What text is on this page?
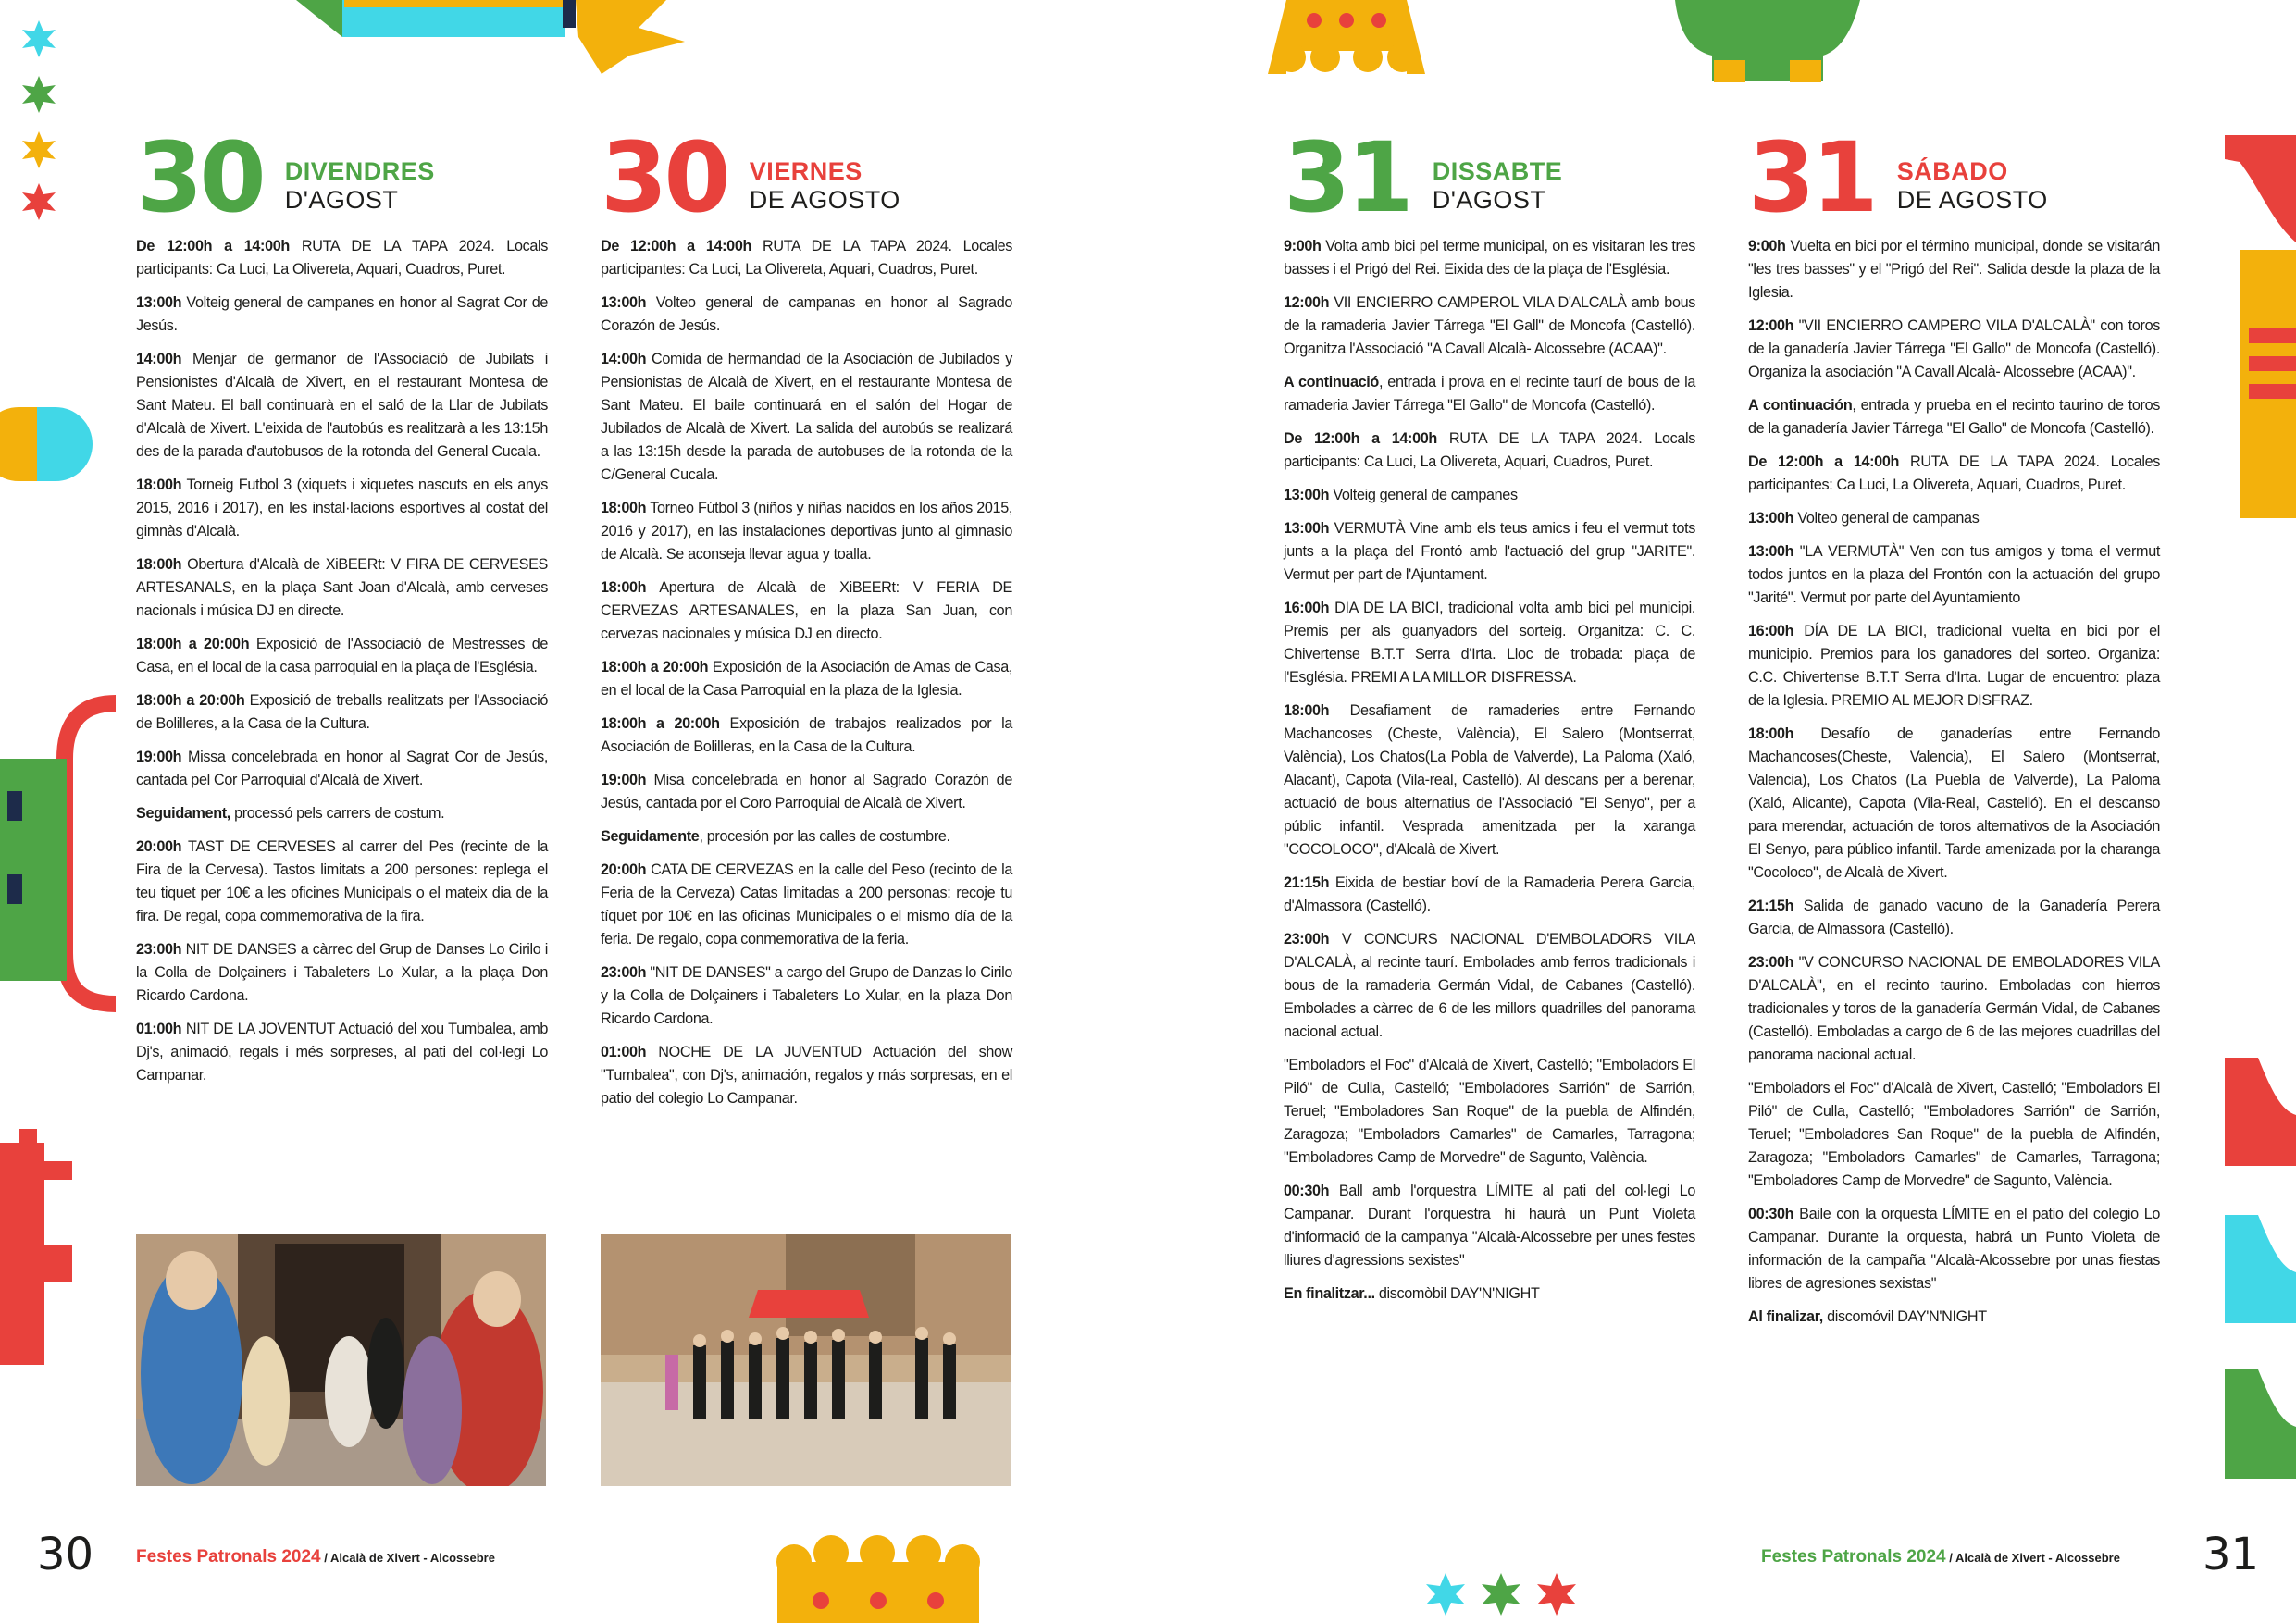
30 DIVENDRES
D'AGOST

De 12:00h a 14:00h RUTA DE LA TAPA 2024. Locals participants: Ca Luci, La Olivereta, Aquari, Cuadros, Puret.

13:00h Volteig general de campanes en honor al Sagrat Cor de Jesús.

14:00h Menjar de germanor de l'Associació de Jubilats i Pensionistes d'Alcalà de Xivert, en el restaurant Montesa de Sant Mateu. El ball continuarà en el saló de la Llar de Jubilats d'Alcalà de Xivert. L'eixida de l'autobús es realitzarà a les 13:15h des de la parada d'autobusos de la rotonda del General Cucala.

18:00h Torneig Futbol 3 (xiquets i xiquetes nascuts en els anys 2015, 2016 i 2017), en les instal·lacions esportives al costat del gimnàs d'Alcalà.

18:00h Obertura d'Alcalà de XiBEERt: V FIRA DE CERVESES ARTESANALS, en la plaça Sant Joan d'Alcalà, amb cerveses nacionals i música DJ en directe.

18:00h a 20:00h Exposició de l'Associació de Mestresses de Casa, en el local de la casa parroquial en la plaça de l'Església.

18:00h a 20:00h Exposició de treballs realitzats per l'Associació de Bolilleres, a la Casa de la Cultura.

19:00h Missa concelebrada en honor al Sagrat Cor de Jesús, cantada pel Cor Parroquial d'Alcalà de Xivert.

Seguidament, processó pels carrers de costum.

20:00h TAST DE CERVESES al carrer del Pes (recinte de la Fira de la Cervesa). Tastos limitats a 200 persones: replega el teu tiquet per 10€ a les oficines Municipals o el mateix dia de la fira. De regal, copa commemorativa de la fira.

23:00h NIT DE DANSES a càrrec del Grup de Danses Lo Cirilo i la Colla de Dolçainers i Tabaleters Lo Xular, a la plaça Don Ricardo Cardona.

01:00h NIT DE LA JOVENTUT Actuació del xou Tumbalea, amb Dj's, animació, regals i més sorpreses, al pati del col·legi Lo Campanar.

30 VIERNES
DE AGOSTO

De 12:00h a 14:00h RUTA DE LA TAPA 2024. Locales participantes: Ca Luci, La Olivereta, Aquari, Cuadros, Puret.

13:00h Volteo general de campanas en honor al Sagrado Corazón de Jesús.

14:00h Comida de hermandad de la Asociación de Jubilados y Pensionistas de Alcalà de Xivert, en el restaurante Montesa de Sant Mateu. El baile continuará en el salón del Hogar de Jubilados de Alcalà de Xivert. La salida del autobús se realizará a las 13:15h desde la parada de autobuses de la rotonda de la C/General Cucala.

18:00h Torneo Fútbol 3 (niños y niñas nacidos en los años 2015, 2016 y 2017), en las instalaciones deportivas junto al gimnasio de Alcalà. Se aconseja llevar agua y toalla.

18:00h Apertura de Alcalà de XiBEERt: V FERIA DE CERVEZAS ARTESANALES, en la plaza San Juan, con cervezas nacionales y música DJ en directo.

18:00h a 20:00h Exposición de la Asociación de Amas de Casa, en el local de la Casa Parroquial en la plaza de la Iglesia.

18:00h a 20:00h Exposición de trabajos realizados por la Asociación de Bolilleras, en la Casa de la Cultura.

19:00h Misa concelebrada en honor al Sagrado Corazón de Jesús, cantada por el Coro Parroquial de Alcalà de Xivert.

Seguidamente, procesión por las calles de costumbre.

20:00h CATA DE CERVEZAS en la calle del Peso (recinto de la Feria de la Cerveza) Catas limitadas a 200 personas: recoje tu tíquet por 10€ en las oficinas Municipales o el mismo día de la feria. De regalo, copa conmemorativa de la feria.

23:00h "NIT DE DANSES" a cargo del Grupo de Danzas lo Cirilo y la Colla de Dolçainers i Tabaleters Lo Xular, en la plaza Don Ricardo Cardona.

01:00h NOCHE DE LA JUVENTUD Actuación del show "Tumbalea", con Dj's, animación, regalos y más sorpresas, en el patio del colegio Lo Campanar.

31 DISSABTE
D'AGOST

9:00h Volta amb bici pel terme municipal, on es visitaran les tres basses i el Prigó del Rei. Eixida des de la plaça de l'Església.

12:00h VII ENCIERRO CAMPEROL VILA D'ALCALÀ amb bous de la ramaderia Javier Tárrega "El Gall" de Moncofa (Castelló). Organitza l'Associació "A Cavall Alcalà- Alcossebre (ACAA)".

A continuació, entrada i prova en el recinte taurí de bous de la ramaderia Javier Tárrega "El Gallo" de Moncofa (Castelló).

De 12:00h a 14:00h RUTA DE LA TAPA 2024. Locals participants: Ca Luci, La Olivereta, Aquari, Cuadros, Puret.

13:00h Volteig general de campanes

13:00h VERMUTÀ Vine amb els teus amics i feu el vermut tots junts a la plaça del Frontó amb l'actuació del grup "JARITE". Vermut per part de l'Ajuntament.

16:00h DIA DE LA BICI, tradicional volta amb bici pel municipi. Premis per als guanyadors del sorteig. Organitza: C. C. Chivertense B.T.T Serra d'Irta. Lloc de trobada: plaça de l'Església. PREMI A LA MILLOR DISFRESSA.

18:00h Desafiament de ramaderies entre Fernando Machancoses (Cheste, València), El Salero (Montserrat, València), Los Chatos(La Pobla de Valverde), La Paloma (Xaló, Alacant), Capota (Vila-real, Castelló). Al descans per a berenar, actuació de bous alternatius de l'Associació "El Senyo", per a públic infantil. Vesprada amenitzada per la xaranga "COCOLOCO", d'Alcalà de Xivert.

21:15h Eixida de bestiar boví de la Ramaderia Perera Garcia, d'Almassora (Castelló).

23:00h V CONCURS NACIONAL D'EMBOLADORS VILA D'ALCALÀ, al recinte taurí. Embolades amb ferros tradicionals i bous de la ramaderia Germán Vidal, de Cabanes (Castelló). Embolades a càrrec de 6 de les millors quadrilles del panorama nacional actual.

"Emboladors el Foc" d'Alcalà de Xivert, Castelló; "Emboladors El Piló" de Culla, Castelló; "Emboladores Sarrión" de Sarrión, Teruel; "Emboladores San Roque" de la puebla de Alfindén, Zaragoza; "Emboladors Camarles" de Camarles, Tarragona; "Emboladores Camp de Morvedre" de Sagunto, València.

00:30h Ball amb l'orquestra LÍMITE al pati del col·legi Lo Campanar. Durant l'orquestra hi haurà un Punt Violeta d'informació de la campanya "Alcalà-Alcossebre per unes festes lliures d'agressions sexistes"

En finalitzar... discomòbil DAY'N'NIGHT

31 SÁBADO
DE AGOSTO

9:00h Vuelta en bici por el término municipal, donde se visitarán "les tres basses" y el "Prigó del Rei". Salida desde la plaza de la Iglesia.

12:00h "VII ENCIERRO CAMPERO VILA D'ALCALÀ" con toros de la ganadería Javier Tárrega "El Gallo" de Moncofa (Castelló). Organiza la asociación "A Cavall Alcalà- Alcossebre (ACAA)".

A continuación, entrada y prueba en el recinto taurino de toros de la ganadería Javier Tárrega "El Gallo" de Moncofa (Castelló).

De 12:00h a 14:00h RUTA DE LA TAPA 2024. Locales participantes: Ca Luci, La Olivereta, Aquari, Cuadros, Puret.

13:00h Volteo general de campanas

13:00h "LA VERMUTÀ" Ven con tus amigos y toma el vermut todos juntos en la plaza del Frontón con la actuación del grupo "Jarité". Vermut por parte del Ayuntamiento

16:00h DÍA DE LA BICI, tradicional vuelta en bici por el municipio. Premios para los ganadores del sorteo. Organiza: C.C. Chivertense B.T.T Serra d'Irta. Lugar de encuentro: plaza de la Iglesia. PREMIO AL MEJOR DISFRAZ.

18:00h Desafío de ganaderías entre Fernando Machancoses(Cheste, Valencia), El Salero (Montserrat, Valencia), Los Chatos (La Puebla de Valverde), La Paloma (Xaló, Alicante), Capota (Vila-Real, Castelló). En el descanso para merendar, actuación de toros alternativos de la Asociación El Senyo, para público infantil. Tarde amenizada por la charanga "Cocoloco", de Alcalà de Xivert.

21:15h Salida de ganado vacuno de la Ganadería Perera Garcia, de Almassora (Castelló).

23:00h "V CONCURSO NACIONAL DE EMBOLADORES VILA D'ALCALÀ", en el recinto taurino. Emboladas con hierros tradicionales y toros de la ganadería Germán Vidal, de Cabanes (Castelló). Emboladas a cargo de 6 de las mejores cuadrillas del panorama nacional actual.

"Emboladors el Foc" d'Alcalà de Xivert, Castelló; "Emboladors El Piló" de Culla, Castelló; "Emboladores Sarrión" de Sarrión, Teruel; "Emboladores San Roque" de la puebla de Alfindén, Zaragoza; "Emboladors Camarles" de Camarles, Tarragona; "Emboladores Camp de Morvedre" de Sagunto, València.

00:30h Baile con la orquesta LÍMITE en el patio del colegio Lo Campanar. Durante la orquesta, habrá un Punto Violeta de información de la campaña "Alcalà-Alcossebre por unas fiestas libres de agresiones sexistas"

Al finalizar, discomóvil DAY'N'NIGHT

30 Festes Patronals 2024 / Alcalà de Xivert - Alcossebre	Festes Patronals 2024 / Alcalà de Xivert - Alcossebre 31
